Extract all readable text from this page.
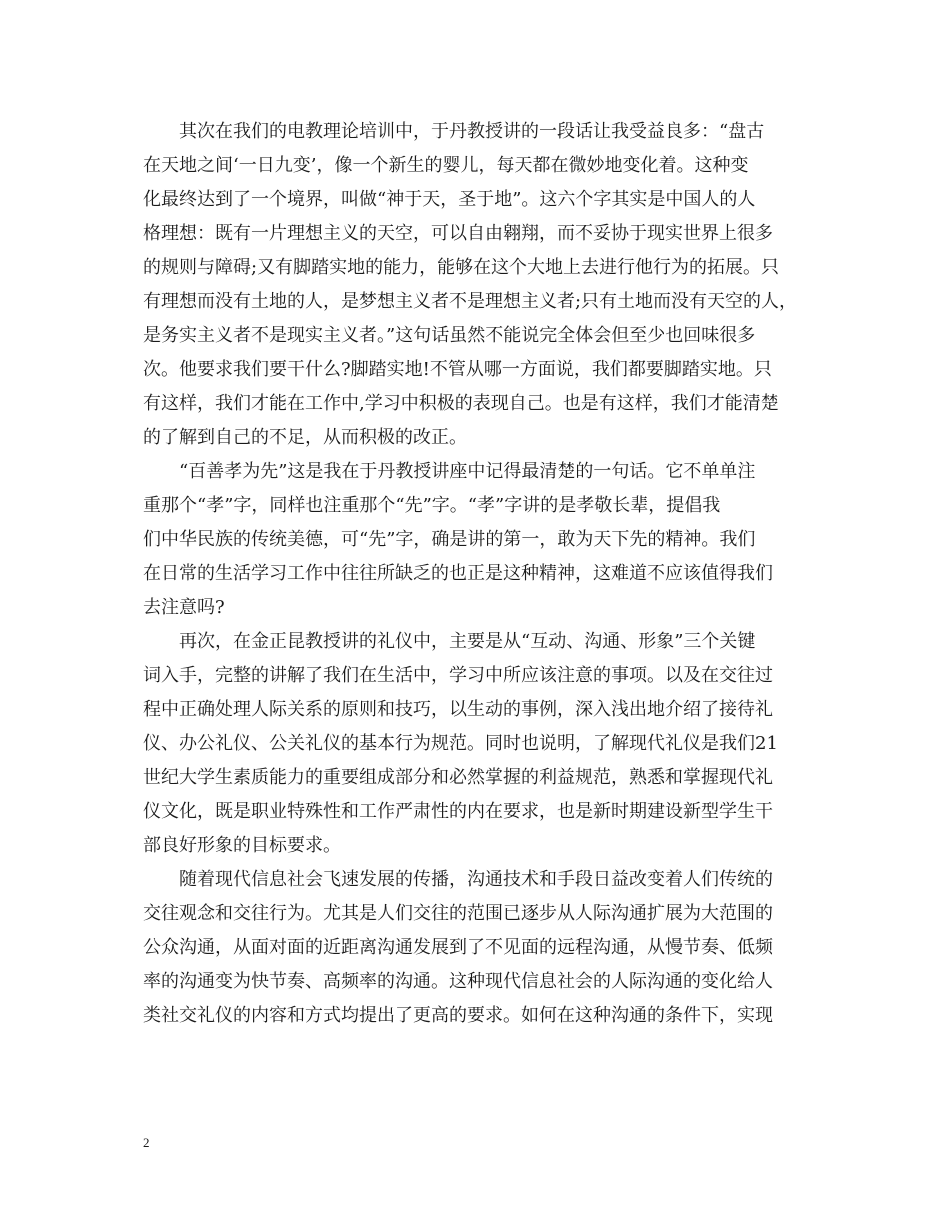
其次在我们的电教理论培训中，于丹教授讲的一段话让我受益良多：“盘古
在天地之间‘一日九变’，像一个新生的婴儿，每天都在微妙地变化着。这种变
化最终达到了一个境界，叫做“神于天，圣于地”。这六个字其实是中国人的人
格理想：既有一片理想主义的天空，可以自由翱翔，而不妥协于现实世界上很多
的规则与障碍;又有脚踏实地的能力，能够在这个大地上去进行他行为的拓展。只
有理想而没有土地的人，是梦想主义者不是理想主义者;只有土地而没有天空的人，
是务实主义者不是现实主义者。”这句话虽然不能说完全体会但至少也回味很多
次。他要求我们要干什么?脚踏实地!不管从哪一方面说，我们都要脚踏实地。只
有这样，我们才能在工作中,学习中积极的表现自己。也是有这样，我们才能清楚
的了解到自己的不足，从而积极的改正。
“百善孝为先”这是我在于丹教授讲座中记得最清楚的一句话。它不单单注
重那个“孝”字，同样也注重那个“先”字。“孝”字讲的是孝敬长辈，提倡我
们中华民族的传统美德，可“先”字，确是讲的第一，敢为天下先的精神。我们
在日常的生活学习工作中往往所缺乏的也正是这种精神，这难道不应该值得我们
去注意吗?
再次，在金正昆教授讲的礼仪中，主要是从“互动、沟通、形象”三个关键
词入手，完整的讲解了我们在生活中，学习中所应该注意的事项。以及在交往过
程中正确处理人际关系的原则和技巧，以生动的事例，深入浅出地介绍了接待礼
仪、办公礼仪、公关礼仪的基本行为规范。同时也说明，了解现代礼仪是我们21
世纪大学生素质能力的重要组成部分和必然掌握的利益规范，熟悉和掌握现代礼
仪文化，既是职业特殊性和工作严肃性的内在要求，也是新时期建设新型学生干
部良好形象的目标要求。
随着现代信息社会飞速发展的传播，沟通技术和手段日益改变着人们传统的
交往观念和交往行为。尤其是人们交往的范围已逐步从人际沟通扩展为大范围的
公众沟通，从面对面的近距离沟通发展到了不见面的远程沟通，从慢节奏、低频
率的沟通变为快节奏、高频率的沟通。这种现代信息社会的人际沟通的变化给人
类社交礼仪的内容和方式均提出了更高的要求。如何在这种沟通的条件下，实现
2
